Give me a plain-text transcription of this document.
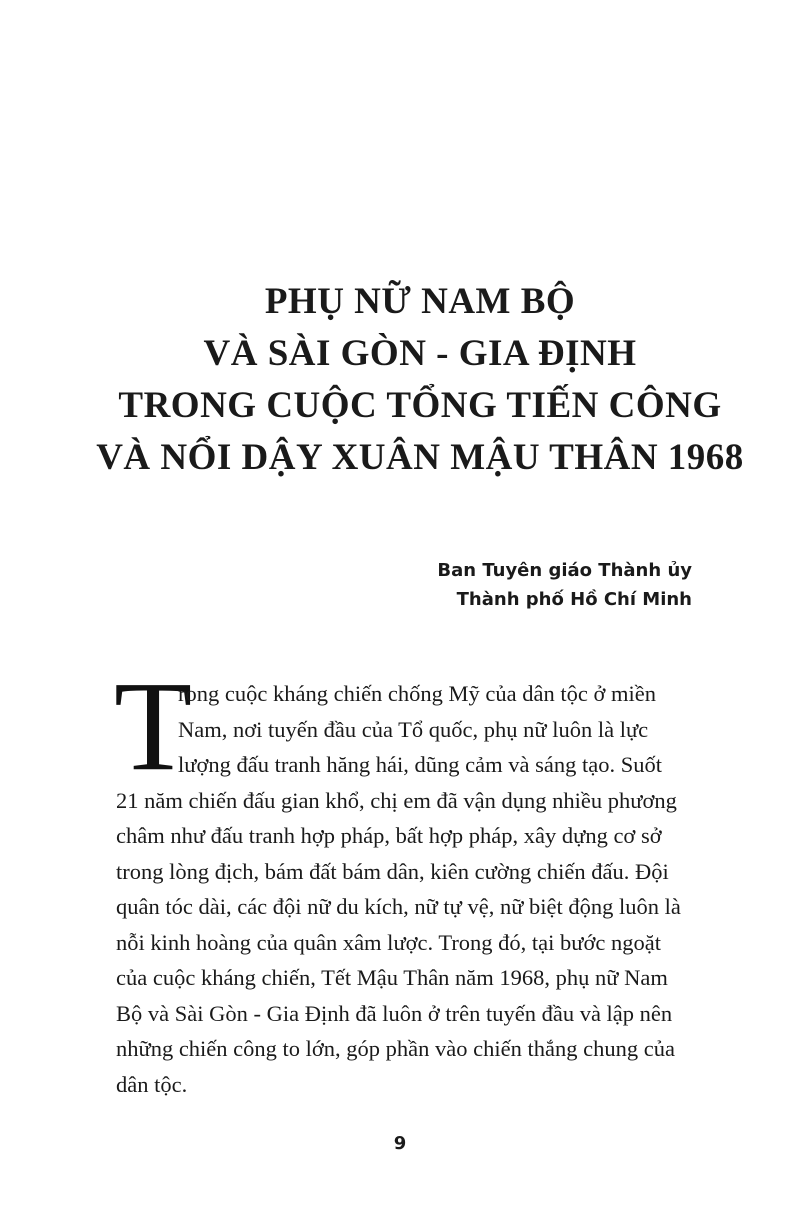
PHỤ NỮ NAM BỘ
VÀ SÀI GÒN - GIA ĐỊNH
TRONG CUỘC TỔNG TIẾN CÔNG
VÀ NỔI DẬY XUÂN MẬU THÂN 1968
Ban Tuyên giáo Thành ủy
Thành phố Hồ Chí Minh
T
rong cuộc kháng chiến chống Mỹ của dân tộc ở miền
Nam, nơi tuyến đầu của Tổ quốc, phụ nữ luôn là lực
lượng đấu tranh hăng hái, dũng cảm và sáng tạo. Suốt
21 năm chiến đấu gian khổ, chị em đã vận dụng nhiều phương
châm như đấu tranh hợp pháp, bất hợp pháp, xây dựng cơ sở
trong lòng địch, bám đất bám dân, kiên cường chiến đấu. Đội
quân tóc dài, các đội nữ du kích, nữ tự vệ, nữ biệt động luôn là
nỗi kinh hoàng của quân xâm lược. Trong đó, tại bước ngoặt
của cuộc kháng chiến, Tết Mậu Thân năm 1968, phụ nữ Nam
Bộ và Sài Gòn - Gia Định đã luôn ở trên tuyến đầu và lập nên
những chiến công to lớn, góp phần vào chiến thắng chung của
dân tộc.
9
